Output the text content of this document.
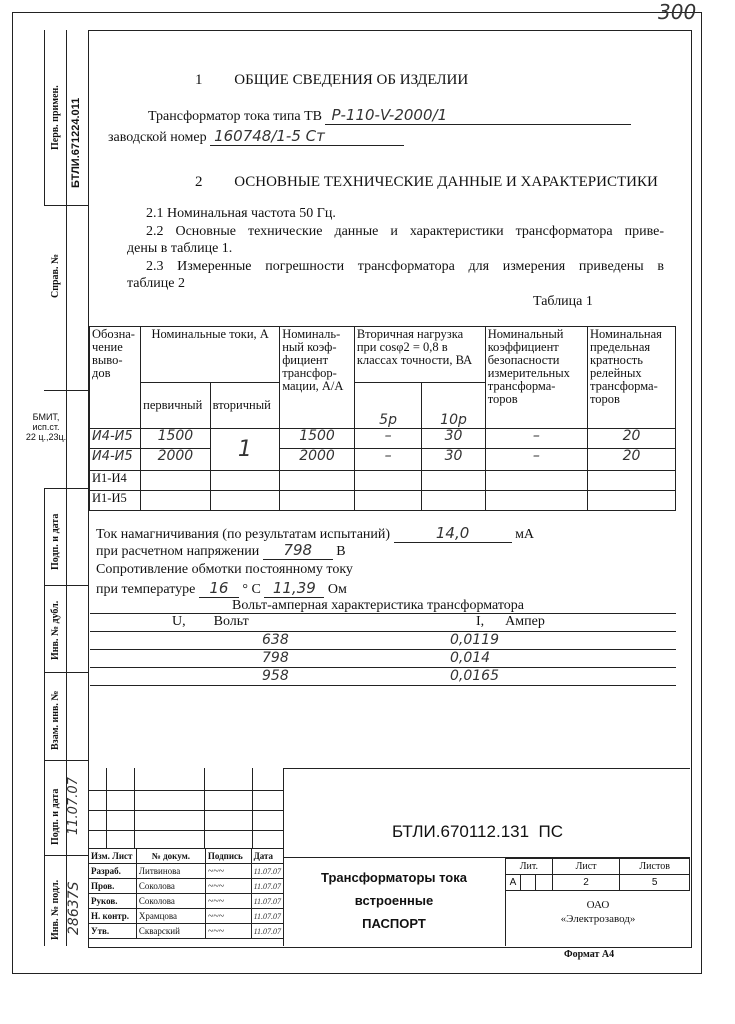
300
Перв. примен. БТЛИ.671224.011
Справ. №
БМИТ,
исп.ст.
22 ц.,23ц.
Подп. и дата
Инв. № дубл.
Взам. инв. №
Подп. и дата 11.07.07
Инв. № подл. 28637S
1 ОБЩИЕ СВЕДЕНИЯ ОБ ИЗДЕЛИИ
Трансформатор тока типа ТВ Р-110-V-2000/1
заводской номер 160748/1-5 Ст
2 ОСНОВНЫЕ ТЕХНИЧЕСКИЕ ДАННЫЕ И ХАРАКТЕРИСТИКИ
2.1 Номинальная частота 50 Гц.
2.2 Основные технические данные и характеристики трансформатора приве-
дены в таблице 1.
2.3 Измеренные погрешности трансформатора для измерения приведены в
таблице 2
Таблица 1
Обозна-чение выво-дов	Номинальные токи, А		Номиналь-ный коэф-фициент трансфор-мации, А/А	Вторичная нагрузка при cosφ2 = 0,8 в классах точности, ВА		Номинальный коэффициент безопасности измерительных трансформа-торов	Номинальная предельная кратность релейных трансформа-торов
	первичный	вторичный		5р	10р		
И4-И5	1500	1	1500	–	30	–	20
И4-И5	2000		2000	–	30	–	20
И1-И4							
И1-И5							
Ток намагничивания (по результатам испытаний)	14,0	мА
при расчетном напряжении 798 В
Сопротивление обмотки постоянному току
при температуре 16 ° С 11,39 Ом
Вольт-амперная характеристика трансформатора
U,        Вольт	I,      Ампер
638	0,0119
798	0,014
958	0,0165
БТЛИ.670112.131  ПС
Изм. Лист	№ докум.	Подпись	Дата
Разраб.	Литвинова	~~~	11.07.07
Пров.	Соколова	~~~	11.07.07
Руков.	Соколова	~~~	11.07.07
Н. контр.	Храмцова	~~~	11.07.07
Утв.	Скварский	~~~	11.07.07
Трансформаторы тока
встроенные
ПАСПОРТ
Лит.			Лист	Листов
А			2	5
ОАО
«Электрозавод»
Формат А4
